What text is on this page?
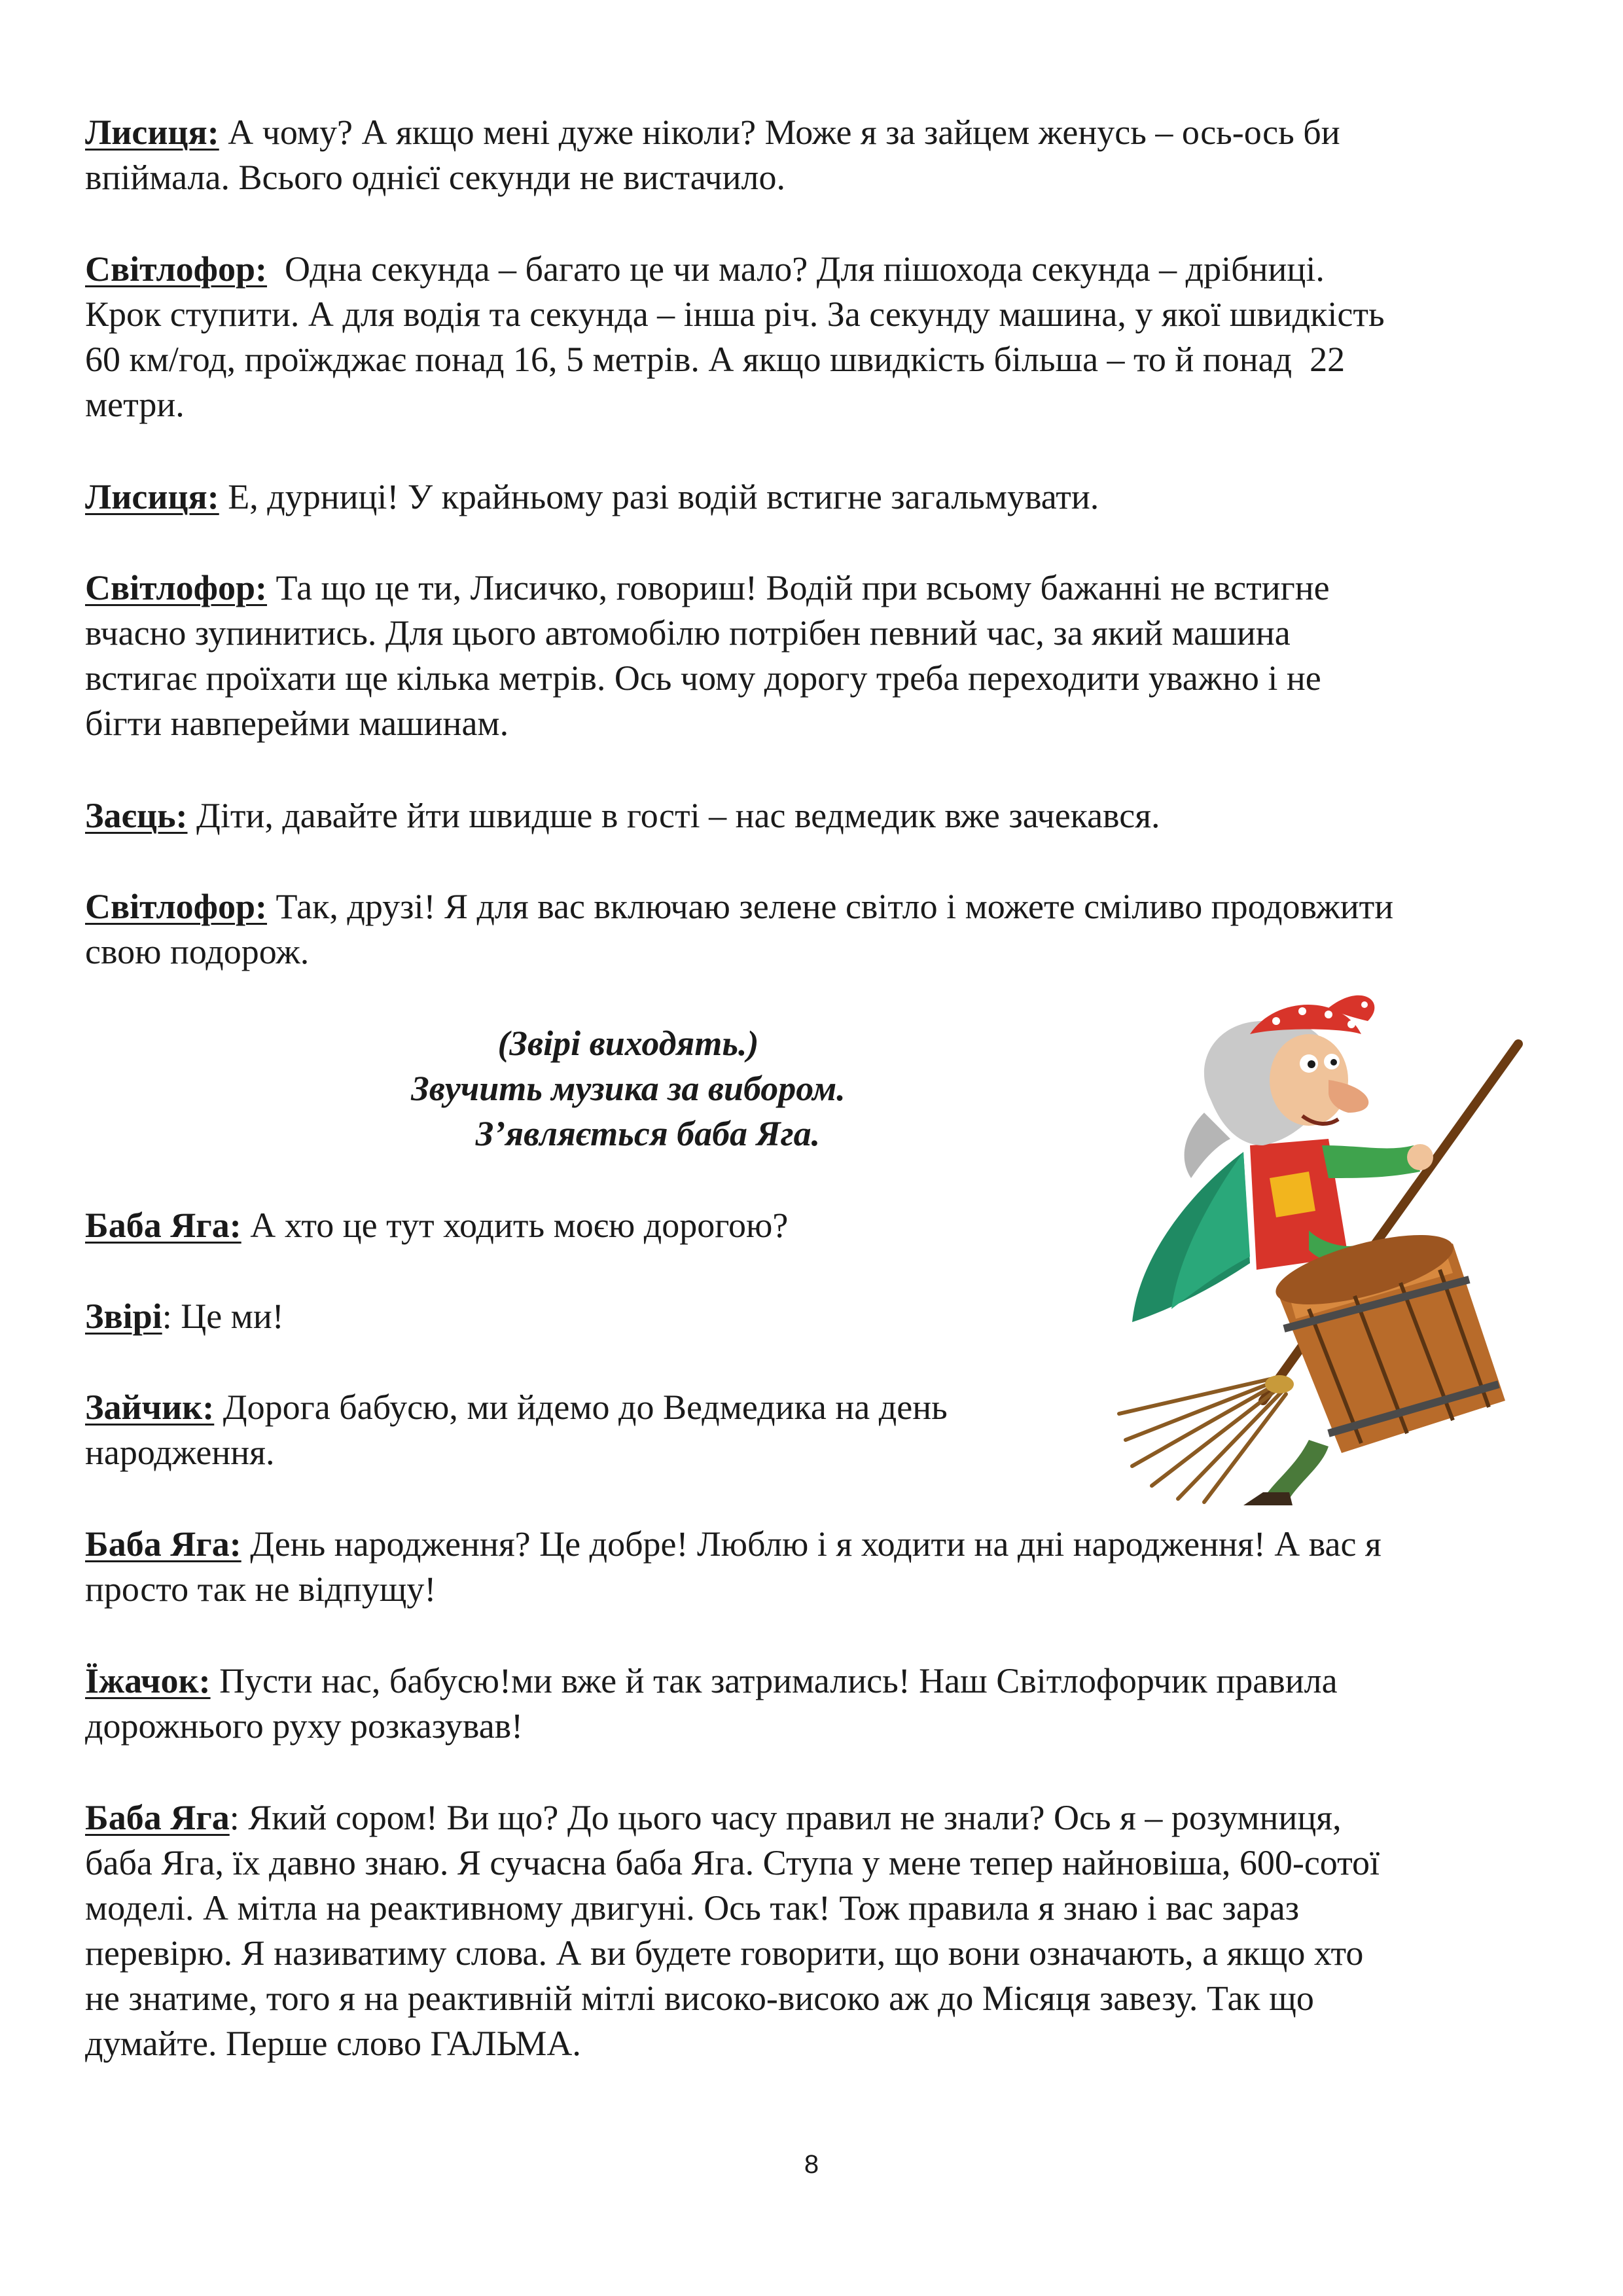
Лисиця: А чому? А якщо мені дуже ніколи? Може я за зайцем женусь – ось-ось би
впіймала. Всього однієї секунди не вистачило.

Світлофор:  Одна секунда – багато це чи мало? Для пішохода секунда – дрібниці.
Крок ступити. А для водія та секунда – інша річ. За секунду машина, у якої швидкість
60 км/год, проїжджає понад 16, 5 метрів. А якщо швидкість більша – то й понад  22
метри.

Лисиця: Е, дурниці! У крайньому разі водій встигне загальмувати.

Світлофор: Та що це ти, Лисичко, говориш! Водій при всьому бажанні не встигне
вчасно зупинитись. Для цього автомобілю потрібен певний час, за який машина
встигає проїхати ще кілька метрів. Ось чому дорогу треба переходити уважно і не
бігти навперейми машинам.

Заєць: Діти, давайте йти швидше в гості – нас ведмедик вже зачекався.

Світлофор: Так, друзі! Я для вас включаю зелене світло і можете сміливо продовжити
свою подорож.

(Звірі виходять.)

Звучить музика за вибором.

З’являється баба Яга.

Баба Яга: А хто це тут ходить моєю дорогою?

Звірі: Це ми!

Зайчик: Дорога бабусю, ми йдемо до Ведмедика на день
народження.

Баба Яга: День народження? Це добре! Люблю і я ходити на дні народження! А вас я
просто так не відпущу!

Їжачок: Пусти нас, бабусю!ми вже й так затримались! Наш Світлофорчик правила
дорожнього руху розказував!

Баба Яга: Який сором! Ви що? До цього часу правил не знали? Ось я – розумниця,
баба Яга, їх давно знаю. Я сучасна баба Яга. Ступа у мене тепер найновіша, 600-сотої
моделі. А мітла на реактивному двигуні. Ось так! Тож правила я знаю і вас зараз
перевірю. Я називатиму слова. А ви будете говорити, що вони означають, а якщо хто
не знатиме, того я на реактивній мітлі високо-високо аж до Місяця завезу. Так що
думайте. Перше слово ГАЛЬМА.

8
